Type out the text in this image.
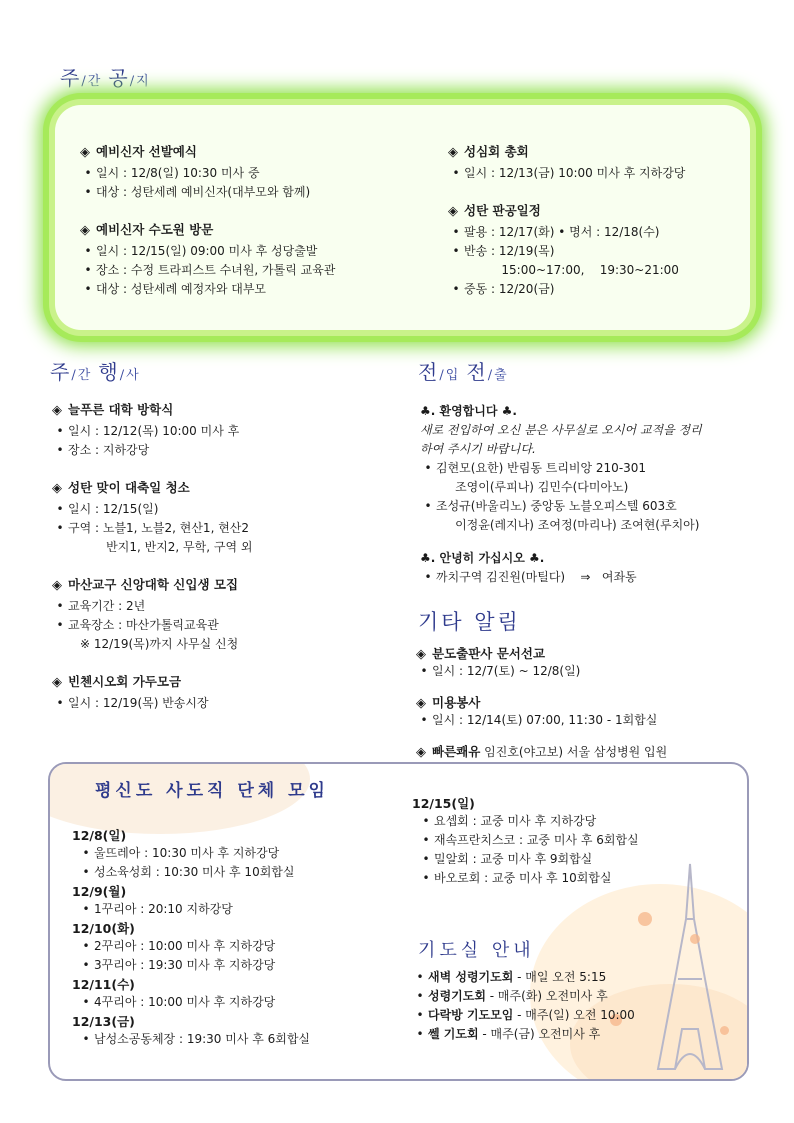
주/간 공/지
◈ 예비신자 선발예식
• 일시 : 12/8(일) 10:30 미사 중
• 대상 : 성탄세례 예비신자(대부모와 함께)
◈ 예비신자 수도원 방문
• 일시 : 12/15(일) 09:00 미사 후 성당출발
• 장소 : 수정 트라피스트 수녀원, 가톨릭 교육관
• 대상 : 성탄세례 예정자와 대부모
◈ 성심회 총회
• 일시 : 12/13(금) 10:00 미사 후 지하강당
◈ 성탄 판공일정
• 팔용 : 12/17(화) • 명서 : 12/18(수)
• 반송 : 12/19(목)
15:00~17:00,    19:30~21:00
• 중동 : 12/20(금)
주/간 행/사
◈ 늘푸른 대학 방학식
• 일시 : 12/12(목) 10:00 미사 후
• 장소 : 지하강당
◈ 성탄 맞이 대축일 청소
• 일시 : 12/15(일)
• 구역 : 노블1, 노블2, 현산1, 현산2
반지1, 반지2, 무학, 구역 외
◈ 마산교구 신앙대학 신입생 모집
• 교육기간 : 2년
• 교육장소 : 마산가톨릭교육관
※ 12/19(목)까지 사무실 신청
◈ 빈첸시오회 가두모금
• 일시 : 12/19(목) 반송시장
전/입 전/출
♣. 환영합니다 ♣.
새로 전입하여 오신 분은 사무실로 오시어 교적을 정리
하여 주시기 바랍니다.
• 김현모(요한) 반림동 트리비앙 210-301
조영이(루피나) 김민수(다미아노)
• 조성규(바울리노) 중앙동 노블오피스텔 603호
이정윤(레지나) 조여정(마리나) 조여현(루치아)
♣. 안녕히 가십시오 ♣.
• 까치구역 김진원(마틸다)    ⇒   여좌동
기타 알림
◈ 분도출판사 문서선교
• 일시 : 12/7(토) ~ 12/8(일)
◈ 미용봉사
• 일시 : 12/14(토) 07:00, 11:30 - 1회합실
◈ 빠른쾌유 임진호(야고보) 서울 삼성병원 입원
평신도 사도직 단체 모임
12/8(일)
• 울뜨레아 : 10:30 미사 후 지하강당
• 성소육성회 : 10:30 미사 후 10회합실
12/9(월)
• 1꾸리아 : 20:10 지하강당
12/10(화)
• 2꾸리아 : 10:00 미사 후 지하강당
• 3꾸리아 : 19:30 미사 후 지하강당
12/11(수)
• 4꾸리아 : 10:00 미사 후 지하강당
12/13(금)
• 남성소공동체장 : 19:30 미사 후 6회합실
12/15(일)
• 요셉회 : 교중 미사 후 지하강당
• 재속프란치스코 : 교중 미사 후 6회합실
• 밀알회 : 교중 미사 후 9회합실
• 바오로회 : 교중 미사 후 10회합실
기도실 안내
• 새벽 성령기도회 - 매일 오전 5:15
• 성령기도회 - 매주(화) 오전미사 후
• 다락방 기도모임 - 매주(일) 오전 10:00
• 쎌 기도회 - 매주(금) 오전미사 후
